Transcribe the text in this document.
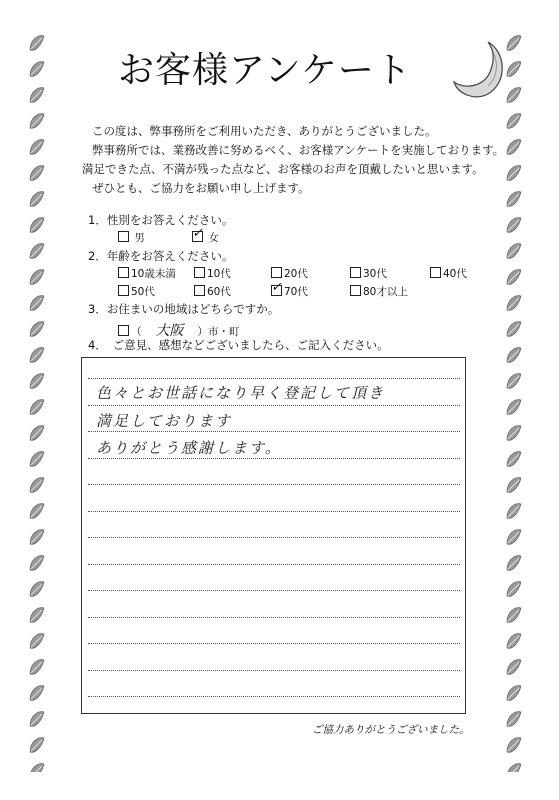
お客様アンケート

この度は、弊事務所をご利用いただき、ありがとうございました。

弊事務所では、業務改善に努めるべく、お客様アンケートを実施しております。

満足できた点、不満が残った点など、お客様のお声を頂戴したいと思います。

ぜひとも、ご協力をお願い申し上げます。

1．性別をお答えください。
男	✓ 女
2．年齢をお答えください。
10歳未満	10代	20代	30代	40代
50代	60代	✓ 70代	80才以上
3．お住まいの地域はどちらですか。
（ 大阪 ）市・町
4．　ご意見、感想などございましたら、ご記入ください。
色々とお世話になり早く登記して頂き
満足しております
ありがとう感謝します。
ご協力ありがとうございました。
